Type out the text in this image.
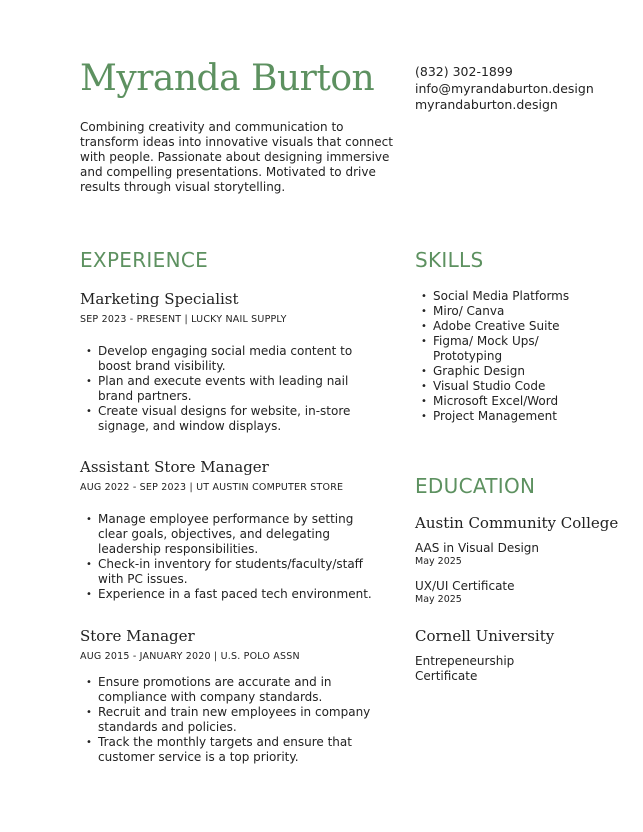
Myranda Burton	(832) 302-1899
info@myrandaburton.design
myrandaburton.design
Combining creativity and communication to transform ideas into innovative visuals that connect with people. Passionate about designing immersive and compelling presentations. Motivated to drive results through visual storytelling.
EXPERIENCE
Marketing Specialist
SEP 2023 - PRESENT | LUCKY NAIL SUPPLY
• Develop engaging social media content to boost brand visibility.
• Plan and execute events with leading nail brand partners.
• Create visual designs for website, in-store signage, and window displays.
Assistant Store Manager
AUG 2022 - SEP 2023 | UT AUSTIN COMPUTER STORE
• Manage employee performance by setting clear goals, objectives, and delegating leadership responsibilities.
• Check-in inventory for students/faculty/staff with PC issues.
• Experience in a fast paced tech environment.
Store Manager
AUG 2015 - JANUARY 2020 | U.S. POLO ASSN
• Ensure promotions are accurate and in compliance with company standards.
• Recruit and train new employees in company standards and policies.
• Track the monthly targets and ensure that customer service is a top priority.
SKILLS
• Social Media Platforms
• Miro/ Canva
• Adobe Creative Suite
• Figma/ Mock Ups/ Prototyping
• Graphic Design
• Visual Studio Code
• Microsoft Excel/Word
• Project Management
EDUCATION
Austin Community College
AAS in Visual Design
May 2025
UX/UI Certificate
May 2025
Cornell University
Entrepeneurship Certificate
